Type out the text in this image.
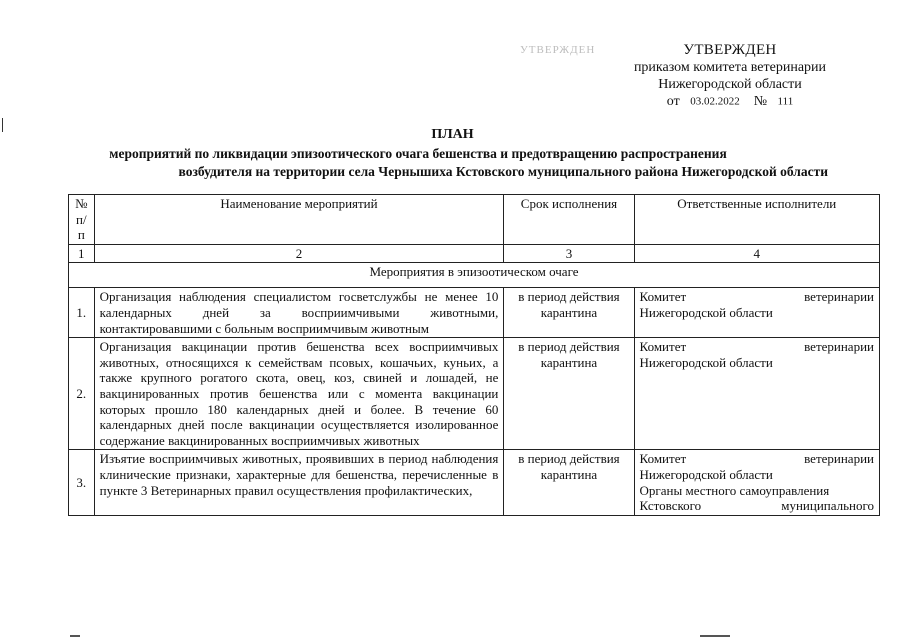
УТВЕРЖДЕН	УТВЕРЖДЕН
приказом комитета ветеринарии
Нижегородской области
от 03.02.2022 № 111
ПЛАН
мероприятий по ликвидации эпизоотического очага бешенства и предотвращению распространения
возбудителя на территории села Чернышиха Кстовского муниципального района Нижегородской области
№ п/п	Наименование мероприятий	Срок исполнения	Ответственные исполнители
1	2	3	4
Мероприятия в эпизоотическом очаге			
1.	Организация наблюдения специалистом госветслужбы не менее 10 календарных дней за восприимчивыми животными, контактировавшими с больным восприимчивым животным	в период действия карантина	Комитет ветеринарии
Нижегородской области

2.	Организация вакцинации против бешенства всех восприимчивых животных, относящихся к семействам псовых, кошачьих, куньих, а также крупного рогатого скота, овец, коз, свиней и лошадей, не вакцинированных против бешенства или с момента вакцинации которых прошло 180 календарных дней и более. В течение 60 календарных дней после вакцинации осуществляется изолированное содержание вакцинированных восприимчивых животных	в период действия карантина	Комитет ветеринарии
Нижегородской области

3.	Изъятие восприимчивых животных, проявивших в период наблюдения клинические признаки, характерные для бешенства, перечисленные в пункте 3 Ветеринарных правил осуществления профилактических,	в период действия карантина	Комитет ветеринарии
Нижегородской области
Органы местного самоуправления
Кстовского муниципального
